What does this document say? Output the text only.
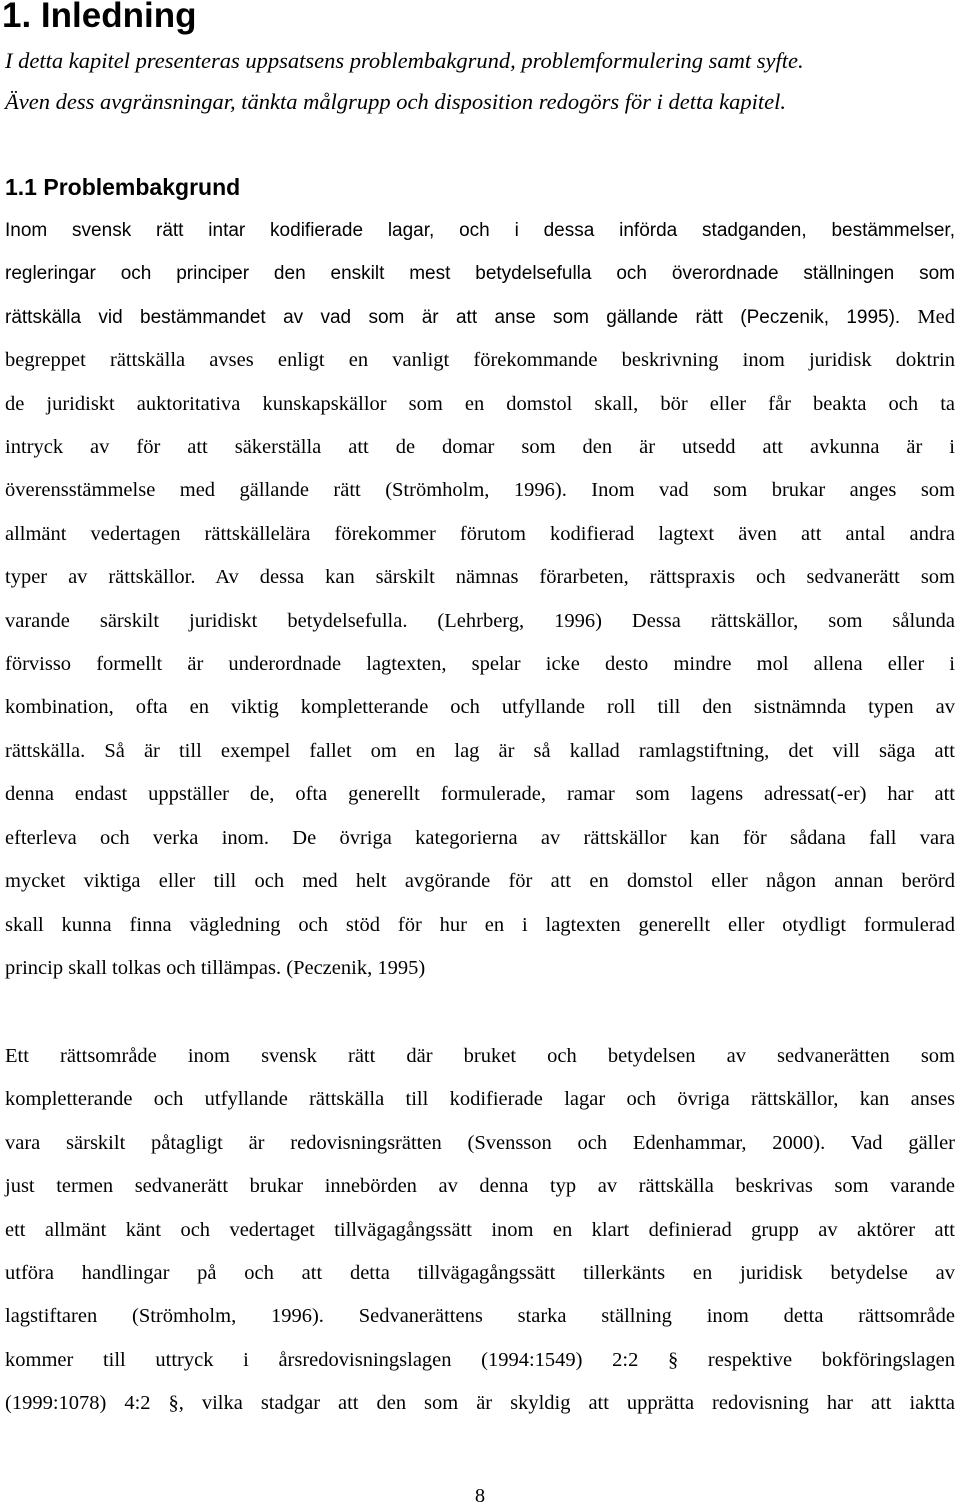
1. Inledning

I detta kapitel presenteras uppsatsens problembakgrund, problemformulering samt syfte.
Även dess avgränsningar, tänkta målgrupp och disposition redogörs för i detta kapitel.

1.1 Problembakgrund
Inom svensk rätt intar kodifierade lagar, och i dessa införda stadganden, bestämmelser,
regleringar och principer den enskilt mest betydelsefulla och överordnade ställningen som
rättskälla vid bestämmandet av vad som är att anse som gällande rätt (Peczenik, 1995). Med
begreppet rättskälla avses enligt en vanligt förekommande beskrivning inom juridisk doktrin
de juridiskt auktoritativa kunskapskällor som en domstol skall, bör eller får beakta och ta
intryck av för att säkerställa att de domar som den är utsedd att avkunna är i
överensstämmelse med gällande rätt (Strömholm, 1996). Inom vad som brukar anges som
allmänt vedertagen rättskällelära förekommer förutom kodifierad lagtext även att antal andra
typer av rättskällor. Av dessa kan särskilt nämnas förarbeten, rättspraxis och sedvanerätt som
varande särskilt juridiskt betydelsefulla. (Lehrberg, 1996) Dessa rättskällor, som sålunda
förvisso formellt är underordnade lagtexten, spelar icke desto mindre mol allena eller i
kombination, ofta en viktig kompletterande och utfyllande roll till den sistnämnda typen av
rättskälla. Så är till exempel fallet om en lag är så kallad ramlagstiftning, det vill säga att
denna endast uppställer de, ofta generellt formulerade, ramar som lagens adressat(-er) har att
efterleva och verka inom. De övriga kategorierna av rättskällor kan för sådana fall vara
mycket viktiga eller till och med helt avgörande för att en domstol eller någon annan berörd
skall kunna finna vägledning och stöd för hur en i lagtexten generellt eller otydligt formulerad
princip skall tolkas och tillämpas. (Peczenik, 1995)
Ett rättsområde inom svensk rätt där bruket och betydelsen av sedvanerätten som
kompletterande och utfyllande rättskälla till kodifierade lagar och övriga rättskällor, kan anses
vara särskilt påtagligt är redovisningsrätten (Svensson och Edenhammar, 2000). Vad gäller
just termen sedvanerätt brukar innebörden av denna typ av rättskälla beskrivas som varande
ett allmänt känt och vedertaget tillvägagångssätt inom en klart definierad grupp av aktörer att
utföra handlingar på och att detta tillvägagångssätt tillerkänts en juridisk betydelse av
lagstiftaren (Strömholm, 1996). Sedvanerättens starka ställning inom detta rättsområde
kommer till uttryck i årsredovisningslagen (1994:1549) 2:2 § respektive bokföringslagen
(1999:1078) 4:2 §, vilka stadgar att den som är skyldig att upprätta redovisning har att iaktta
8
